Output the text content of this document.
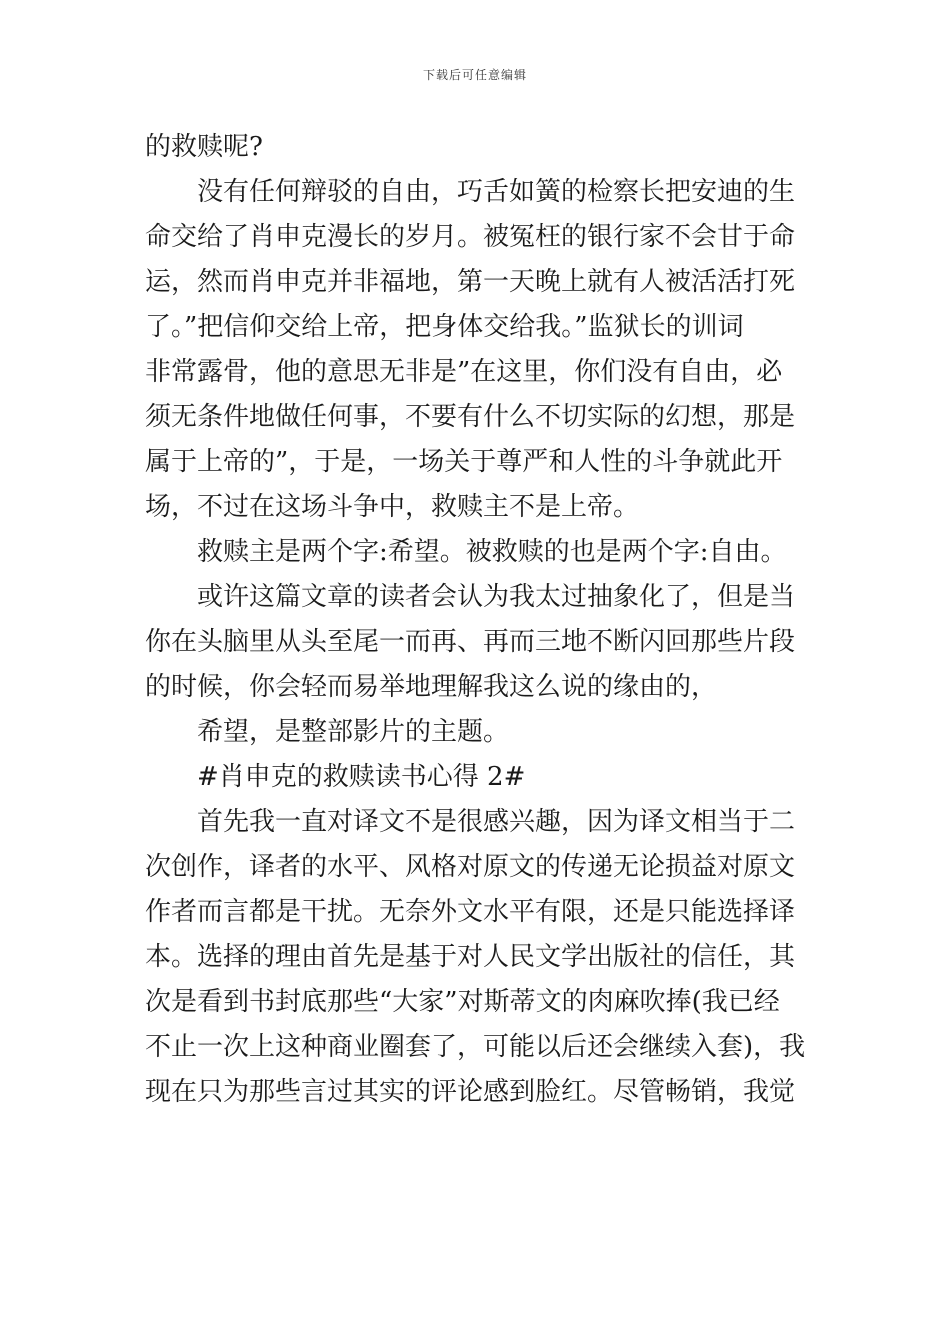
下载后可任意编辑
的救赎呢?
没有任何辩驳的自由，巧舌如簧的检察长把安迪的生
命交给了肖申克漫长的岁月。被冤枉的银行家不会甘于命
运，然而肖申克并非福地，第一天晚上就有人被活活打死
了。”把信仰交给上帝，把身体交给我。”监狱长的训词
非常露骨，他的意思无非是”在这里，你们没有自由，必
须无条件地做任何事，不要有什么不切实际的幻想，那是
属于上帝的”，于是，一场关于尊严和人性的斗争就此开
场，不过在这场斗争中，救赎主不是上帝。
救赎主是两个字:希望。被救赎的也是两个字:自由。
或许这篇文章的读者会认为我太过抽象化了，但是当
你在头脑里从头至尾一而再、再而三地不断闪回那些片段
的时候，你会轻而易举地理解我这么说的缘由的，
希望，是整部影片的主题。
#肖申克的救赎读书心得 2#
首先我一直对译文不是很感兴趣，因为译文相当于二
次创作，译者的水平、风格对原文的传递无论损益对原文
作者而言都是干扰。无奈外文水平有限，还是只能选择译
本。选择的理由首先是基于对人民文学出版社的信任，其
次是看到书封底那些“大家”对斯蒂文的肉麻吹捧(我已经
不止一次上这种商业圈套了，可能以后还会继续入套)，我
现在只为那些言过其实的评论感到脸红。尽管畅销，我觉
